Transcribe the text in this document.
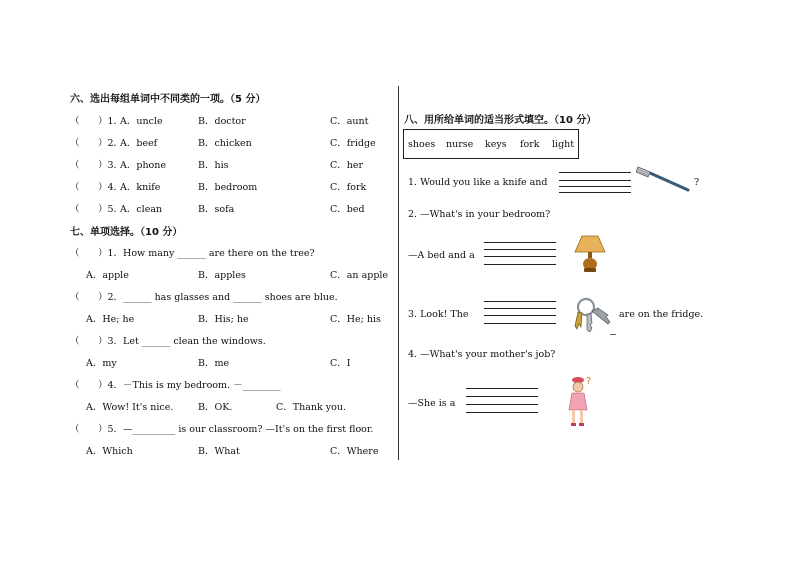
六、选出每组单词中不同类的一项。（5 分）
（ ）1．
A．uncle	B．doctor	C．aunt
（ ）2．
A．beef	B．chicken	C．fridge
（ ）3．
A．phone	B．his	C．her
（ ）4．
A．knife	B．bedroom	C．fork
（ ）5．
A．clean	B．sofa	C．bed
七、单项选择。（10 分）
（ ）1．How many ______ are there on the tree?
A．apple	B．apples	C．an apple
（ ）2．______ has glasses and ______ shoes are blue.
A．He; he	B．His; he	C．He; his
（ ）3．Let ______ clean the windows.
A．my	B．me	C．I
（ ）4．－This is my bedroom. －________
A．Wow! It's nice.	B．OK.	C．Thank you.
（ ）5．—_________ is our classroom? —It's on the first floor.
A．Which	B．What	C．Where
八、用所给单词的适当形式填空。（10 分）
shoes nurse keys fork light
1. Would you like a knife and	?
2. —What's in your bedroom?
—A bed and a
3. Look! The	are on the fridge.
4. —What's your mother's job?
—She is a
?
